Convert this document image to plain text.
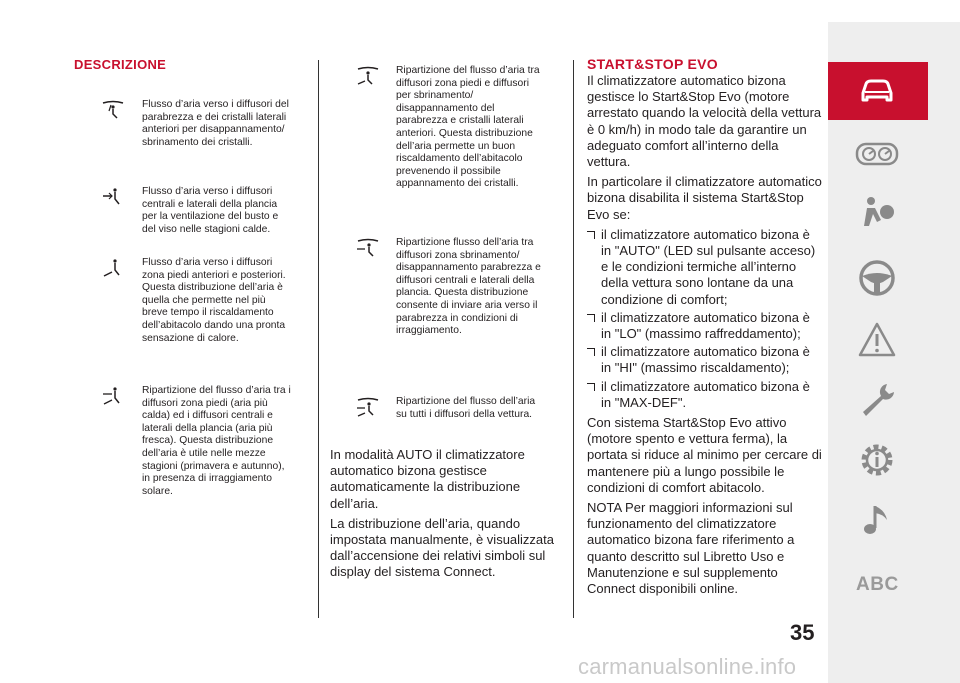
ABC
35
DESCRIZIONE
Flusso d’aria verso i diffusori del parabrezza e dei cristalli laterali anteriori per disappannamento/ sbrinamento dei cristalli.
Flusso d’aria verso i diffusori centrali e laterali della plancia per la ventilazione del busto e del viso nelle stagioni calde.
Flusso d’aria verso i diffusori zona piedi anteriori e posteriori. Questa distribuzione dell’aria è quella che permette nel più breve tempo il riscaldamento dell’abitacolo dando una pronta sensazione di calore.
Ripartizione del flusso d’aria tra i diffusori zona piedi (aria più calda) ed i diffusori centrali e laterali della plancia (aria più fresca). Questa distribuzione dell’aria è utile nelle mezze stagioni (primavera e autunno), in presenza di irraggiamento solare.
Ripartizione del flusso d’aria tra diffusori zona piedi e diffusori per sbrinamento/ disappannamento del parabrezza e cristalli laterali anteriori. Questa distribuzione dell’aria permette un buon riscaldamento dell’abitacolo prevenendo il possibile appannamento dei cristalli.
Ripartizione flusso dell’aria tra diffusori zona sbrinamento/ disappannamento parabrezza e diffusori centrali e laterali della plancia. Questa distribuzione consente di inviare aria verso il parabrezza in condizioni di irraggiamento.
Ripartizione del flusso dell’aria su tutti i diffusori della vettura.

In modalità AUTO il climatizzatore automatico bizona gestisce automaticamente la distribuzione dell’aria.

La distribuzione dell’aria, quando impostata manualmente, è visualizzata dall’accensione dei relativi simboli sul display del sistema Connect.

START&STOP EVO

Il climatizzatore automatico bizona gestisce lo Start&Stop Evo (motore arrestato quando la velocità della vettura è 0 km/h) in modo tale da garantire un adeguato comfort all’interno della vettura.

In particolare il climatizzatore automatico bizona disabilita il sistema Start&Stop Evo se:

il climatizzatore automatico bizona è in "AUTO" (LED sul pulsante acceso) e le condizioni termiche all’interno della vettura sono lontane da una condizione di comfort;
il climatizzatore automatico bizona è in "LO" (massimo raffreddamento);
il climatizzatore automatico bizona è in "HI" (massimo riscaldamento);
il climatizzatore automatico bizona è in "MAX-DEF".

Con sistema Start&Stop Evo attivo (motore spento e vettura ferma), la portata si riduce al minimo per cercare di mantenere più a lungo possibile le condizioni di comfort abitacolo.

NOTA Per maggiori informazioni sul funzionamento del climatizzatore automatico bizona fare riferimento a quanto descritto sul Libretto Uso e Manutenzione e sul supplemento Connect disponibili online.

carmanualsonline.info
